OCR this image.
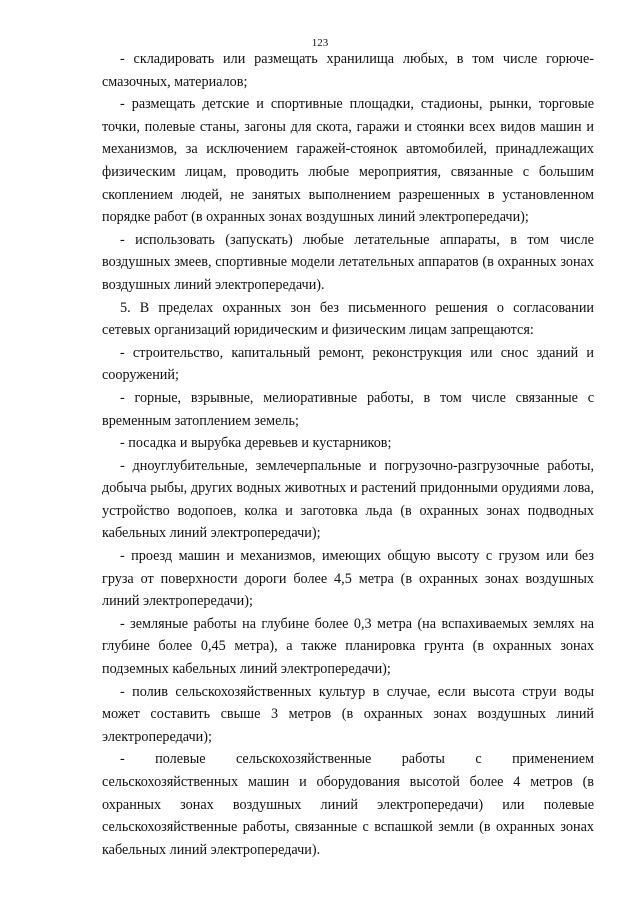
123

- складировать или размещать хранилища любых, в том числе горюче-смазочных, материалов;

- размещать детские и спортивные площадки, стадионы, рынки, торговые точки, полевые станы, загоны для скота, гаражи и стоянки всех видов машин и механизмов, за исключением гаражей-стоянок автомобилей, принадлежащих физическим лицам, проводить любые мероприятия, связанные с большим скоплением людей, не занятых выполнением разрешенных в установленном порядке работ (в охранных зонах воздушных линий электропередачи);

- использовать (запускать) любые летательные аппараты, в том числе воздушных змеев, спортивные модели летательных аппаратов (в охранных зонах воздушных линий электропередачи).

5. В пределах охранных зон без письменного решения о согласовании сетевых организаций юридическим и физическим лицам запрещаются:

- строительство, капитальный ремонт, реконструкция или снос зданий и сооружений;

- горные, взрывные, мелиоративные работы, в том числе связанные с временным затоплением земель;

- посадка и вырубка деревьев и кустарников;

- дноуглубительные, землечерпальные и погрузочно-разгрузочные работы, добыча рыбы, других водных животных и растений придонными орудиями лова, устройство водопоев, колка и заготовка льда (в охранных зонах подводных кабельных линий электропередачи);

- проезд машин и механизмов, имеющих общую высоту с грузом или без груза от поверхности дороги более 4,5 метра (в охранных зонах воздушных линий электропередачи);

- земляные работы на глубине более 0,3 метра (на вспахиваемых землях на глубине более 0,45 метра), а также планировка грунта (в охранных зонах подземных кабельных линий электропередачи);

- полив сельскохозяйственных культур в случае, если высота струи воды может составить свыше 3 метров (в охранных зонах воздушных линий электропередачи);

- полевые сельскохозяйственные работы с применением сельскохозяйственных машин и оборудования высотой более 4 метров (в охранных зонах воздушных линий электропередачи) или полевые сельскохозяйственные работы, связанные с вспашкой земли (в охранных зонах кабельных линий электропередачи).
